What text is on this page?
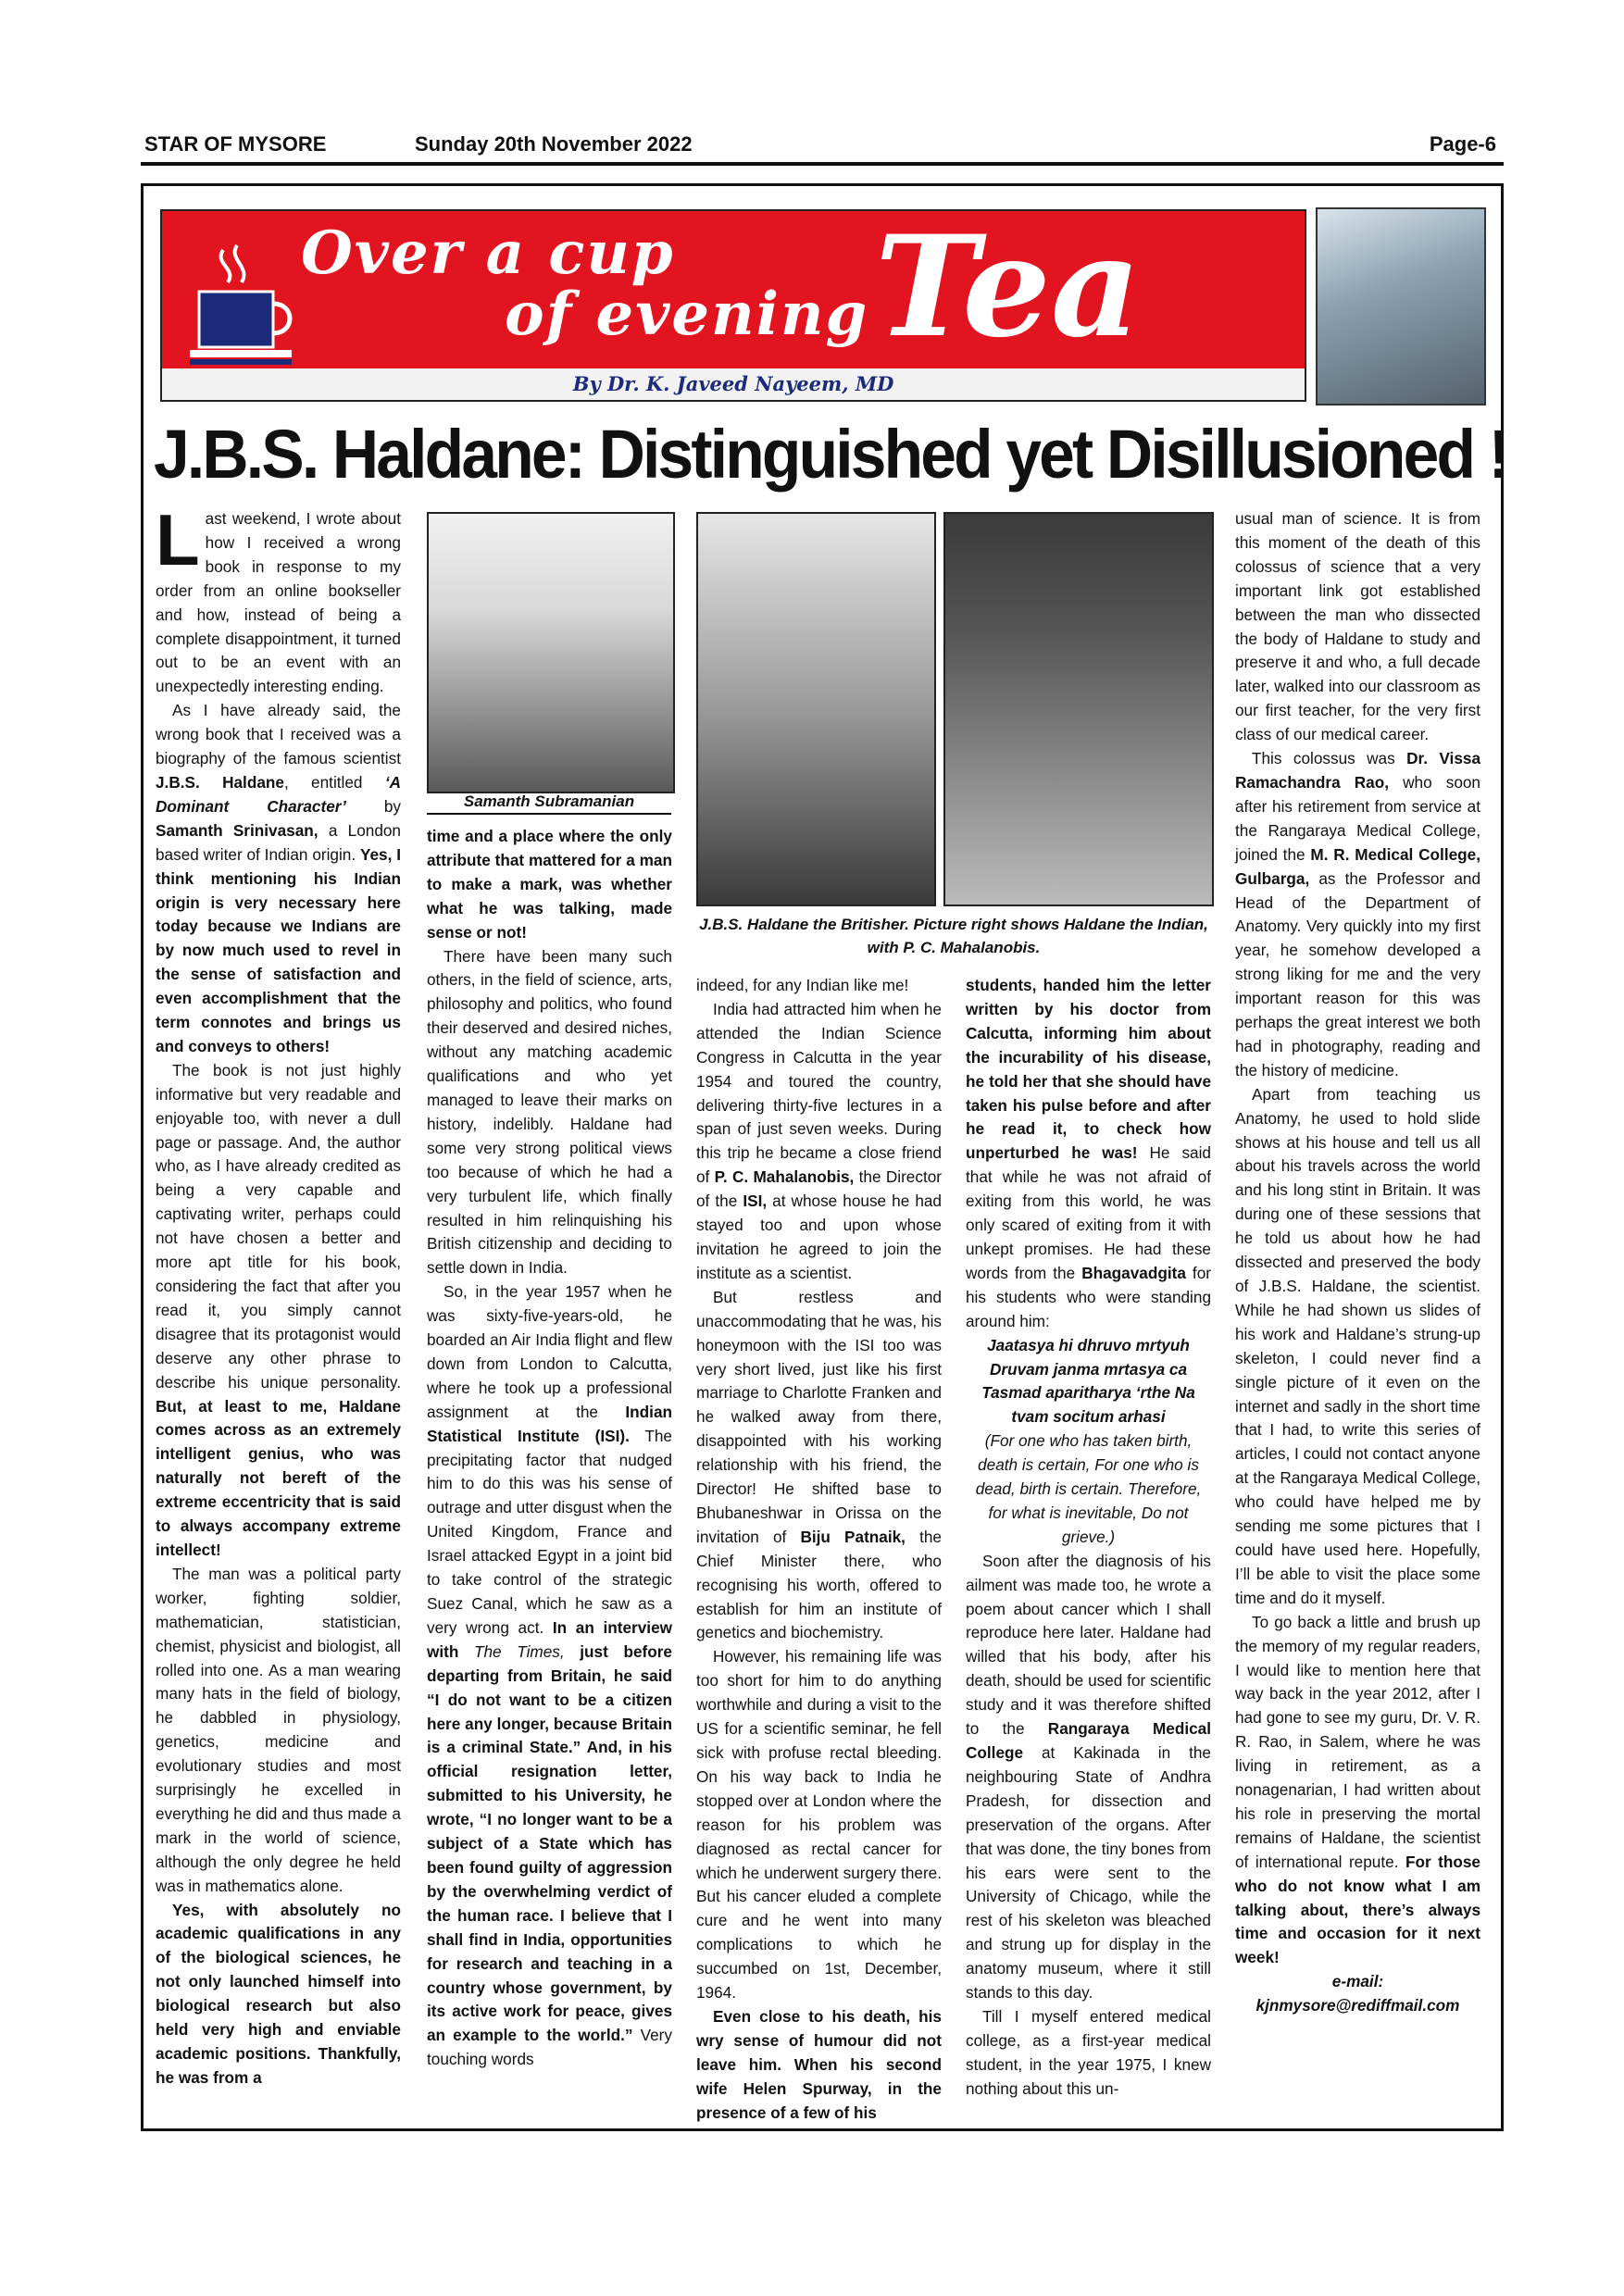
STAR OF MYSORE	Sunday 20th November 2022	Page-6
Over a cup
of evening Tea
By Dr. K. Javeed Nayeem, MD
J.B.S. Haldane: Distinguished yet Disillusioned !
Samanth Subramanian
J.B.S. Haldane the Britisher. Picture right shows Haldane the Indian, with P. C. Mahalanobis.

Last weekend, I wrote about how I received a wrong book in response to my order from an online bookseller and how, instead of being a complete disappointment, it turned out to be an event with an unexpectedly interesting ending.

As I have already said, the wrong book that I received was a biography of the famous scientist J.B.S. Haldane, entitled ‘A Dominant Character’ by Samanth Srinivasan, a London based writer of Indian origin. Yes, I think mentioning his Indian origin is very necessary here today because we Indians are by now much used to revel in the sense of satisfaction and even accomplishment that the term connotes and brings us and conveys to others!

The book is not just highly informative but very readable and enjoyable too, with never a dull page or passage. And, the author who, as I have already credited as being a very capable and captivating writer, perhaps could not have chosen a better and more apt title for his book, considering the fact that after you read it, you simply cannot disagree that its protagonist would deserve any other phrase to describe his unique personality. But, at least to me, Haldane comes across as an extremely intelligent genius, who was naturally not bereft of the extreme eccentricity that is said to always accompany extreme intellect!

The man was a political party worker, fighting soldier, mathematician, statistician, chemist, physicist and biologist, all rolled into one. As a man wearing many hats in the field of biology, he dabbled in physiology, genetics, medicine and evolutionary studies and most surprisingly he excelled in everything he did and thus made a mark in the world of science, although the only degree he held was in mathematics alone.

Yes, with absolutely no academic qualifications in any of the biological sciences, he not only launched himself into biological research but also held very high and enviable academic positions. Thankfully, he was from a

time and a place where the only attribute that mattered for a man to make a mark, was whether what he was talking, made sense or not!

There have been many such others, in the field of science, arts, philosophy and politics, who found their deserved and desired niches, without any matching academic qualifications and who yet managed to leave their marks on history, indelibly. Haldane had some very strong political views too because of which he had a very turbulent life, which finally resulted in him relinquishing his British citizenship and deciding to settle down in India.

So, in the year 1957 when he was sixty-five-years-old, he boarded an Air India flight and flew down from London to Calcutta, where he took up a professional assignment at the Indian Statistical Institute (ISI). The precipitating factor that nudged him to do this was his sense of outrage and utter disgust when the United Kingdom, France and Israel attacked Egypt in a joint bid to take control of the strategic Suez Canal, which he saw as a very wrong act. In an interview with The Times, just before departing from Britain, he said “I do not want to be a citizen here any longer, because Britain is a criminal State.” And, in his official resignation letter, submitted to his University, he wrote, “I no longer want to be a subject of a State which has been found guilty of aggression by the overwhelming verdict of the human race. I believe that I shall find in India, opportunities for research and teaching in a country whose government, by its active work for peace, gives an example to the world.” Very touching words

indeed, for any Indian like me!

India had attracted him when he attended the Indian Science Congress in Calcutta in the year 1954 and toured the country, delivering thirty-five lectures in a span of just seven weeks. During this trip he became a close friend of P. C. Mahalanobis, the Director of the ISI, at whose house he had stayed too and upon whose invitation he agreed to join the institute as a scientist.

But restless and unaccommodating that he was, his honeymoon with the ISI too was very short lived, just like his first marriage to Charlotte Franken and he walked away from there, disappointed with his working relationship with his friend, the Director! He shifted base to Bhubaneshwar in Orissa on the invitation of Biju Patnaik, the Chief Minister there, who recognising his worth, offered to establish for him an institute of genetics and biochemistry.

However, his remaining life was too short for him to do anything worthwhile and during a visit to the US for a scientific seminar, he fell sick with profuse rectal bleeding. On his way back to India he stopped over at London where the reason for his problem was diagnosed as rectal cancer for which he underwent surgery there. But his cancer eluded a complete cure and he went into many complications to which he succumbed on 1st, December, 1964.

Even close to his death, his wry sense of humour did not leave him. When his second wife Helen Spurway, in the presence of a few of his

students, handed him the letter written by his doctor from Calcutta, informing him about the incurability of his disease, he told her that she should have taken his pulse before and after he read it, to check how unperturbed he was! He said that while he was not afraid of exiting from this world, he was only scared of exiting from it with unkept promises. He had these words from the Bhagavadgita for his students who were standing around him:

Jaatasya hi dhruvo mrtyuh Druvam janma mrtasya ca Tasmad aparitharya ‘rthe Na tvam socitum arhasi

(For one who has taken birth, death is certain, For one who is dead, birth is certain. Therefore, for what is inevitable, Do not grieve.)

Soon after the diagnosis of his ailment was made too, he wrote a poem about cancer which I shall reproduce here later. Haldane had willed that his body, after his death, should be used for scientific study and it was therefore shifted to the Rangaraya Medical College at Kakinada in the neighbouring State of Andhra Pradesh, for dissection and preservation of the organs. After that was done, the tiny bones from his ears were sent to the University of Chicago, while the rest of his skeleton was bleached and strung up for display in the anatomy museum, where it still stands to this day.

Till I myself entered medical college, as a first-year medical student, in the year 1975, I knew nothing about this un-

usual man of science. It is from this moment of the death of this colossus of science that a very important link got established between the man who dissected the body of Haldane to study and preserve it and who, a full decade later, walked into our classroom as our first teacher, for the very first class of our medical career.

This colossus was Dr. Vissa Ramachandra Rao, who soon after his retirement from service at the Rangaraya Medical College, joined the M. R. Medical College, Gulbarga, as the Professor and Head of the Department of Anatomy. Very quickly into my first year, he somehow developed a strong liking for me and the very important reason for this was perhaps the great interest we both had in photography, reading and the history of medicine.

Apart from teaching us Anatomy, he used to hold slide shows at his house and tell us all about his travels across the world and his long stint in Britain. It was during one of these sessions that he told us about how he had dissected and preserved the body of J.B.S. Haldane, the scientist. While he had shown us slides of his work and Haldane’s strung-up skeleton, I could never find a single picture of it even on the internet and sadly in the short time that I had, to write this series of articles, I could not contact anyone at the Rangaraya Medical College, who could have helped me by sending me some pictures that I could have used here. Hopefully, I’ll be able to visit the place some time and do it myself.

To go back a little and brush up the memory of my regular readers, I would like to mention here that way back in the year 2012, after I had gone to see my guru, Dr. V. R. R. Rao, in Salem, where he was living in retirement, as a nonagenarian, I had written about his role in preserving the mortal remains of Haldane, the scientist of international repute. For those who do not know what I am talking about, there’s always time and occasion for it next week!

e-mail:

kjnmysore@rediffmail.com
